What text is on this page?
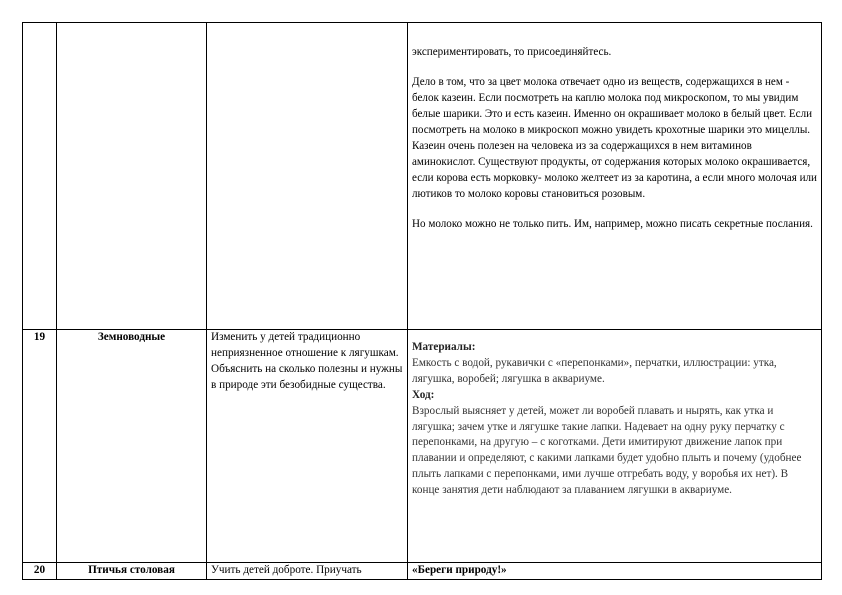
			экспериментировать, то присоединяйтесь.

Дело в том, что за цвет молока отвечает одно из веществ, содержащихся в нем - белок казеин. Если посмотреть на каплю молока под микроскопом, то мы увидим белые шарики. Это и есть казеин. Именно он окрашивает молоко в белый цвет. Если посмотреть на молоко в микроскоп можно увидеть крохотные шарики это мицеллы. Казеин очень полезен на человека из за содержащихся в нем витаминов аминокислот. Существуют продукты, от содержания которых молоко окрашивается, если корова есть морковку- молоко желтеет из за каротина, а если много молочая или лютиков то молоко коровы становиться розовым.

Но молоко можно не только пить. Им, например, можно писать секретные послания.

19	Земноводные	Изменить у детей традиционно неприязненное отношение к лягушкам. Объяснить на сколько полезны и нужны в природе эти безобидные существа.	Материалы:

Емкость с водой, рукавички с «перепонками», перчатки, иллюстрации: утка, лягушка, воробей; лягушка в аквариуме.

Ход:

Взрослый выясняет у детей, может ли воробей плавать и нырять, как утка и лягушка; зачем утке и лягушке такие лапки. Надевает на одну руку перчатку с перепонками, на другую – с коготками. Дети имитируют движение лапок при плавании и определяют, с какими лапками будет удобно плыть и почему (удобнее плыть лапками с перепонками, ими лучше отгребать воду, у воробья их нет). В конце занятия дети наблюдают за плаванием лягушки в аквариуме.

20	Птичья столовая	Учить детей доброте. Приучать	«Береги природу!»
